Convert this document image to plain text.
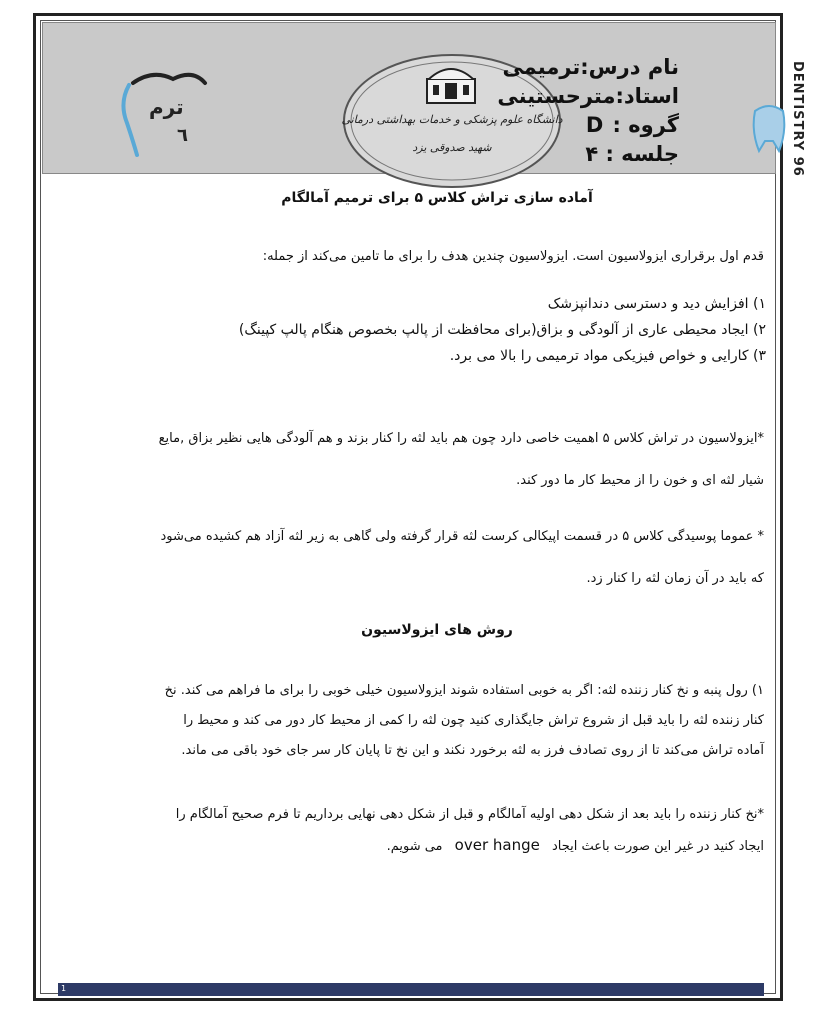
ترم
٦
دانشگاه علوم پزشکی و خدمات بهداشتی درمانی
شهید صدوقی یزد
نام درس:ترمیمی
استاد:مترحستینی
گروه : D
جلسه : ۴	DENTISTRY 96
آماده سازی تراش کلاس ۵ برای ترمیم آمالگام
قدم اول برقراری ایزولاسیون است. ایزولاسیون چندین هدف را برای ما تامین می‌کند از جمله:
۱) افزایش دید و دسترسی دندانپزشک
۲) ایجاد محیطی عاری از آلودگی و بزاق(برای محافظت از پالپ بخصوص هنگام پالپ کپینگ)
۳) کارایی و خواص فیزیکی مواد ترمیمی را بالا می برد.
*ایزولاسیون در تراش کلاس ۵ اهمیت خاصی دارد چون هم باید لثه را کنار بزند و هم آلودگی هایی نظیر بزاق ,مایع
شیار لثه ای و خون را از محیط کار ما دور کند.
* عموما پوسیدگی کلاس ۵ در قسمت اپیکالی کرست لثه قرار گرفته ولی گاهی به زیر لثه آزاد هم کشیده می‌شود
که باید در آن زمان لثه را کنار زد.
روش های ایزولاسیون
۱) رول پنبه و نخ کنار زننده لثه: اگر به خوبی استفاده شوند ایزولاسیون خیلی خوبی را برای ما فراهم می کند. نخ
کنار زننده لثه را باید قبل از شروع تراش جایگذاری کنید چون لثه را کمی از محیط کار دور می کند و محیط را
آماده تراش می‌کند تا از روی تصادف فرز به لثه برخورد نکند و این نخ تا پایان کار سر جای خود باقی می ماند.
*نخ کنار زننده را باید بعد از شکل دهی اولیه آمالگام و قبل از شکل دهی نهایی برداریم تا فرم صحیح آمالگام را
ایجاد کنید در غیر این صورت باعث ایجاد over hange می شویم.
1
